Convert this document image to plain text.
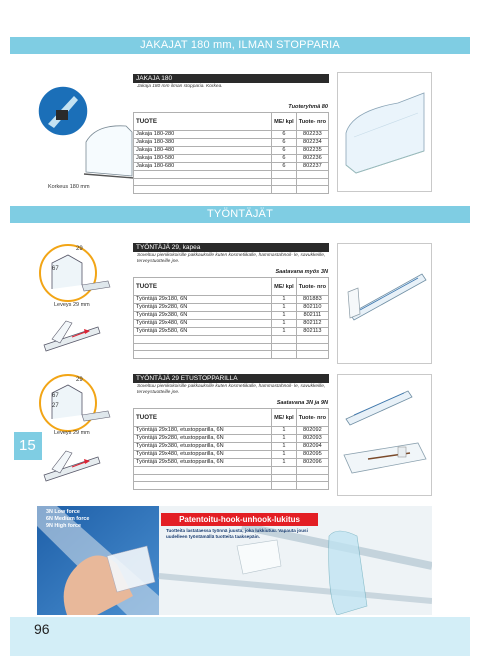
JAKAJAT 180 mm, ILMAN STOPPARIA
Korkeus 180 mm
JAKAJA 180
Jakaja 180 mm ilman stopparia. Korkea.
Tuoteryhmä 80
TUOTE	ME/ kpl	Tuote- nro
Jakaja 180-280	6	802233
Jakaja 180-380	6	802234
Jakaja 180-480	6	802235
Jakaja 180-580	6	802236
Jakaja 180-680	6	802237

TYÖNTÄJÄT
29
67
Leveys 29 mm
TYÖNTÄJÄ 29, kapea
Soveltuu pienikokoisille pakkauksille kuten kosmetiikalle, hammastahnoil- le, savukkeille, terveystuotteille jne.
Saatavana myös 3N
TUOTE	ME/ kpl	Tuote- nro
Työntäjä 29x180, 6N	1	801883
Työntäjä 29x280, 6N	1	802110
Työntäjä 29x380, 6N	1	802111
Työntäjä 29x480, 6N	1	802112
Työntäjä 29x580, 6N	1	802113

29
67
27
Leveys 29 mm
15
TYÖNTÄJÄ 29 ETUSTOPPARILLA
Soveltuu pienikokoisille pakkauksille kuten kosmetiikalle, hammastahnoil- le, savukkeille, terveystuotteille jne.
Saatavana 3N ja 9N
TUOTE	ME/ kpl	Tuote- nro
Työntäjä 29x180, etustopparilla, 6N	1	802092
Työntäjä 29x280, etustopparilla, 6N	1	802093
Työntäjä 29x380, etustopparilla, 6N	1	802094
Työntäjä 29x480, etustopparilla, 6N	1	802095
Työntäjä 29x580, etustopparilla, 6N	1	802096

3N Low force
6N Medium force
9N High force
Patentoitu-hook-unhook-lukitus
Tuotteita lastataessa työnnä juusta, joka lukkiutuu. Vapauta jousi uudelleen työntämällä tuotteita taaksepäin.
96
